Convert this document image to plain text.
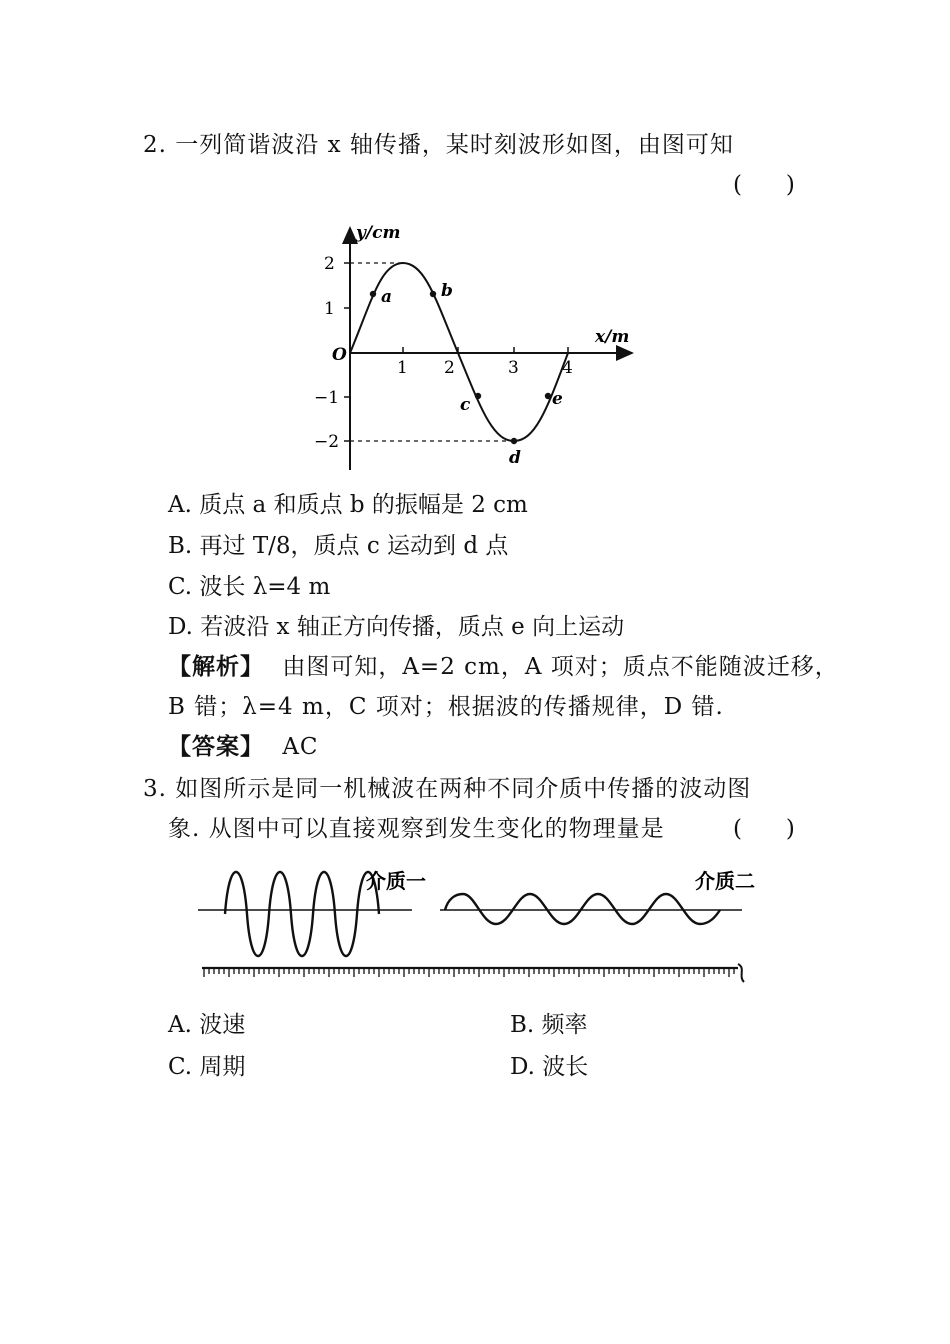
2. 一列简谐波沿 x 轴传播，某时刻波形如图，由图可知
(      )
y/cm
x/m
O
1 2	3	4
2
1
−1
−2
a	b
c
d
e
A. 质点 a 和质点 b 的振幅是 2 cm
B. 再过 T/8，质点 c 运动到 d 点
C. 波长 λ=4 m
D. 若波沿 x 轴正方向传播，质点 e 向上运动
【解析】 由图可知，A=2 cm，A 项对；质点不能随波迁移，
B 错；λ=4 m，C 项对；根据波的传播规律，D 错.
【答案】 AC
3. 如图所示是同一机械波在两种不同介质中传播的波动图
象. 从图中可以直接观察到发生变化的物理量是	(      )
介质一	介质二
A. 波速	B. 频率
C. 周期	D. 波长
